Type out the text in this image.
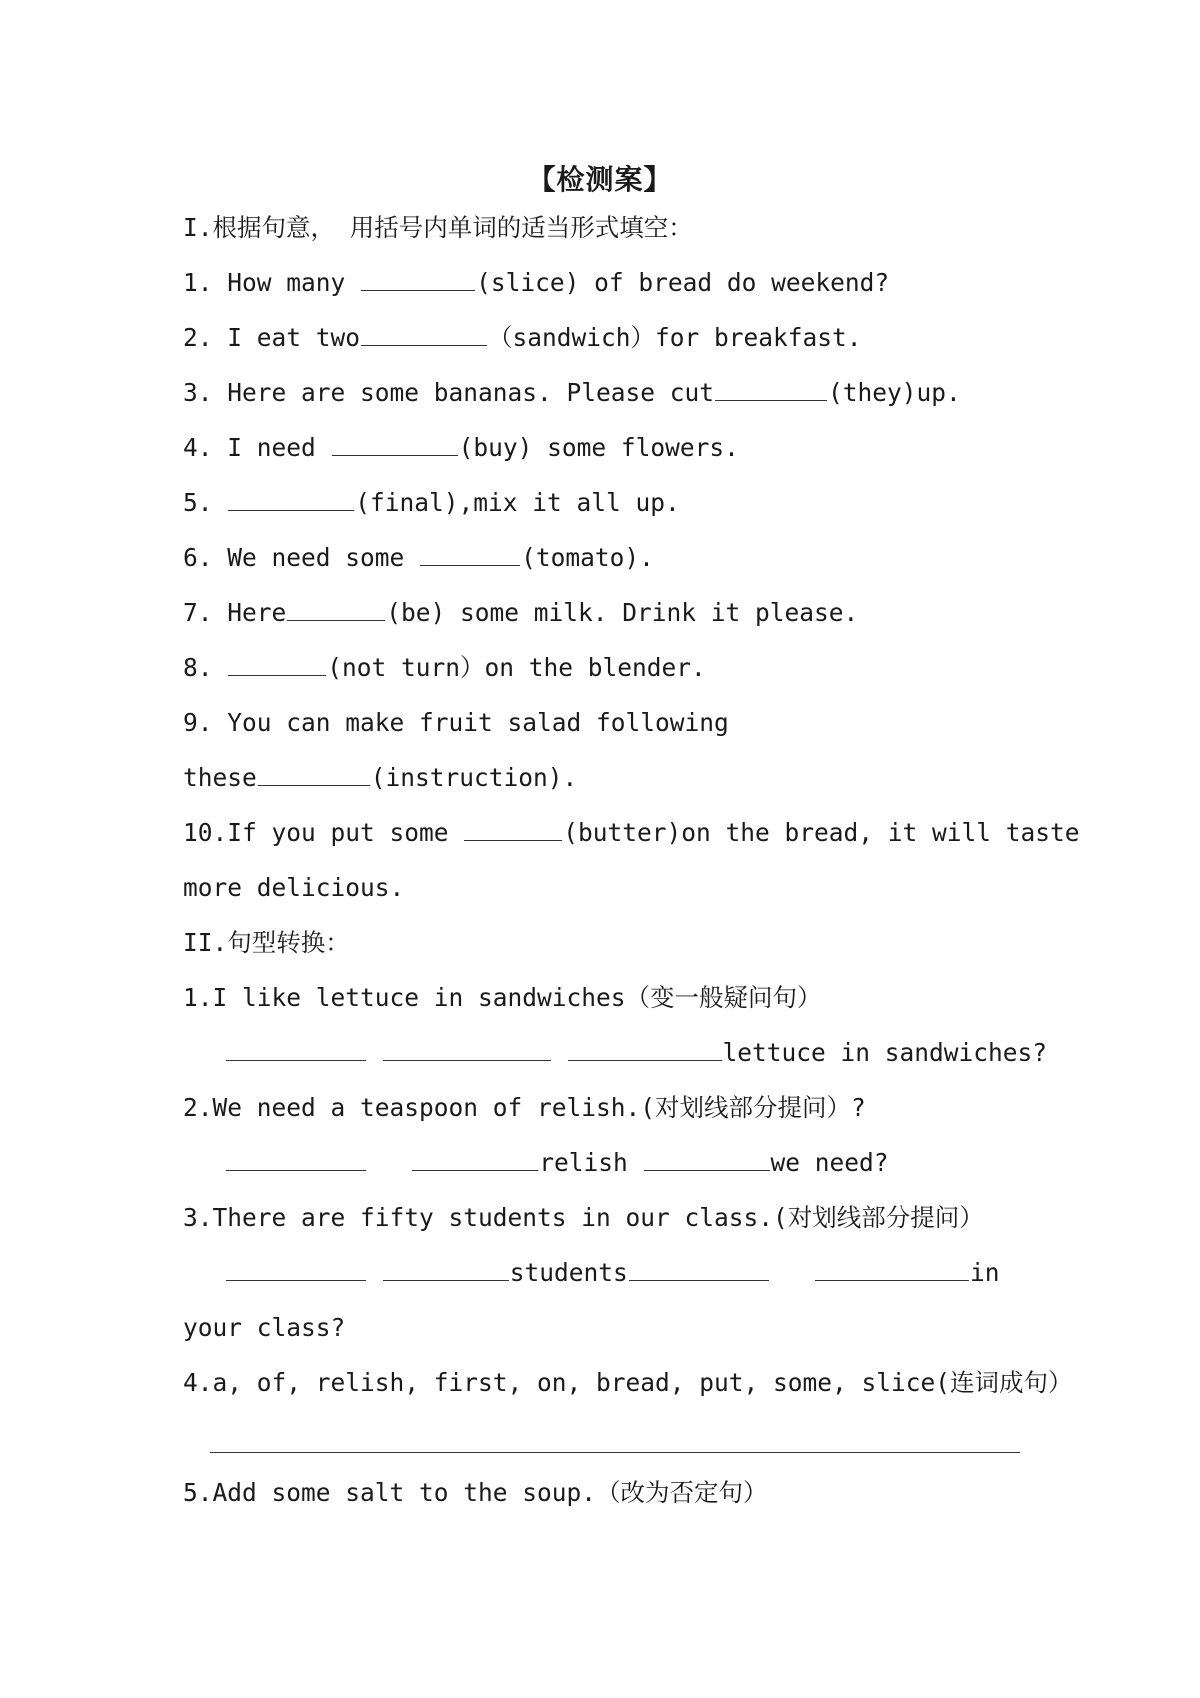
【检测案】
I.根据句意， 用括号内单词的适当形式填空：
1. How many	(slice) of bread do weekend?
2. I eat two	（sandwich）for breakfast.
3. Here are some bananas. Please cut	(they)up.
4. I need	(buy) some flowers.
5.	(final),mix it all up.
6. We need some	(tomato).
7. Here	(be) some milk. Drink it please.
8.	(not turn）on the blender.
9. You can make fruit salad following
these	(instruction).
10.If you put some	(butter)on the bread, it will taste
more delicious.
II.句型转换：
1.I like lettuce in sandwiches（变一般疑问句）
lettuce in sandwiches?
2.We need a teaspoon of relish.(对划线部分提问）?
relish	we need?
3.There are fifty students in our class.(对划线部分提问）
students	in
your class?
4.a, of, relish, first, on, bread, put, some, slice(连词成句）
5.Add some salt to the soup.（改为否定句）
